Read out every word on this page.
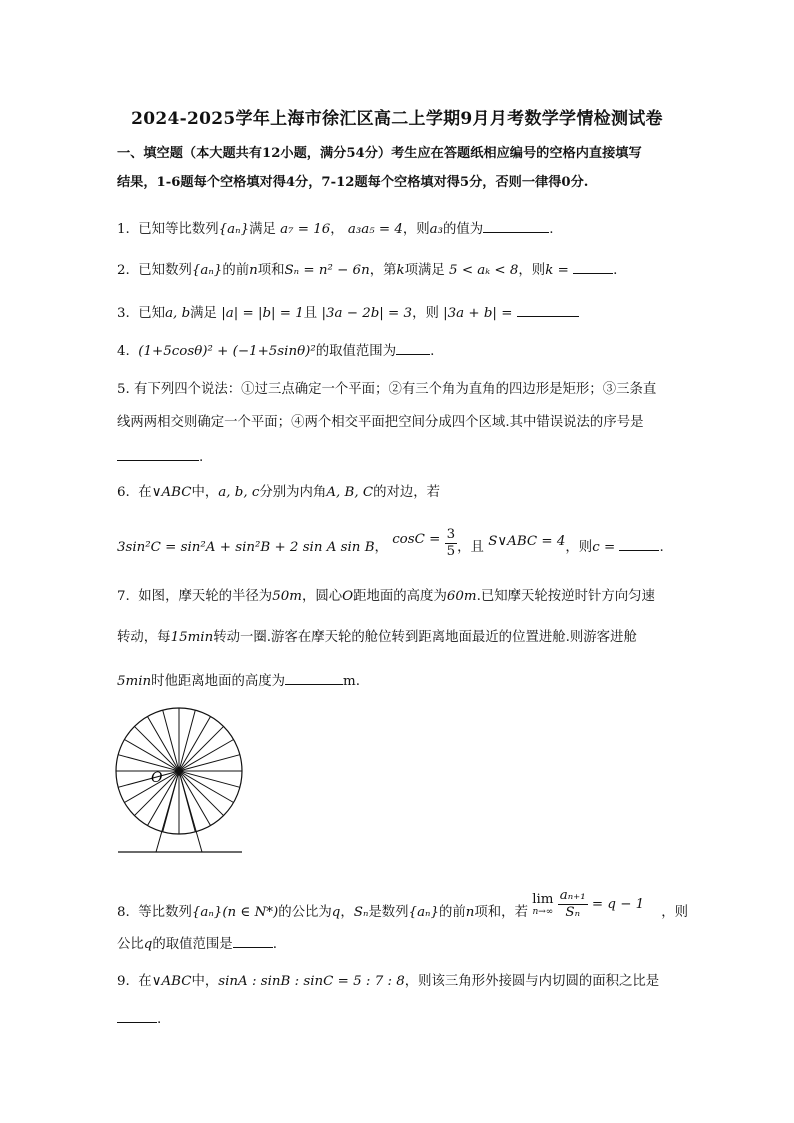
2024-2025学年上海市徐汇区高二上学期9月月考数学学情检测试卷
一、填空题（本大题共有12小题，满分54分）考生应在答题纸相应编号的空格内直接填写
结果，1-6题每个空格填对得4分，7-12题每个空格填对得5分，否则一律得0分.
1. 已知等比数列{aₙ}满足 a₇ = 16， a₃a₅ = 4，则a₃的值为	.
2. 已知数列{aₙ}的前n项和Sₙ = n² − 6n，第k项满足 5 < aₖ < 8，则k =	.
3. 已知a, b满足 |a| = |b| = 1且 |3a − 2b| = 3，则 |3a + b| =
4. (1+5cosθ)² + (−1+5sinθ)²的取值范围为	.
5. 有下列四个说法：①过三点确定一个平面；②有三个角为直角的四边形是矩形；③三条直
线两两相交则确定一个平面；④两个相交平面把空间分成四个区域.其中错误说法的序号是
.
6. 在∨ABC中，a, b, c分别为内角A, B, C的对边，若
3sin²C = sin²A + sin²B + 2 sin A sin B， $\cos C = \frac{3}{5}$ ，且 S∨ABC = 4，则c =	.
7. 如图，摩天轮的半径为50m，圆心O距地面的高度为60m.已知摩天轮按逆时针方向匀速
转动，每15min转动一圈.游客在摩天轮的舱位转到距离地面最近的位置进舱.则游客进舱
5min时他距离地面的高度为	m.
O
8. 等比数列{aₙ}(n ∈ N*)的公比为q，Sₙ是数列{aₙ}的前n项和，若
lim
n→∞
$\frac{\text{aₙ₊₁}}{\text{Sₙ}} = q - 1$    ，则
公比q的取值范围是	.
9. 在∨ABC中，sinA : sinB : sinC = 5 : 7 : 8，则该三角形外接圆与内切圆的面积之比是
.
